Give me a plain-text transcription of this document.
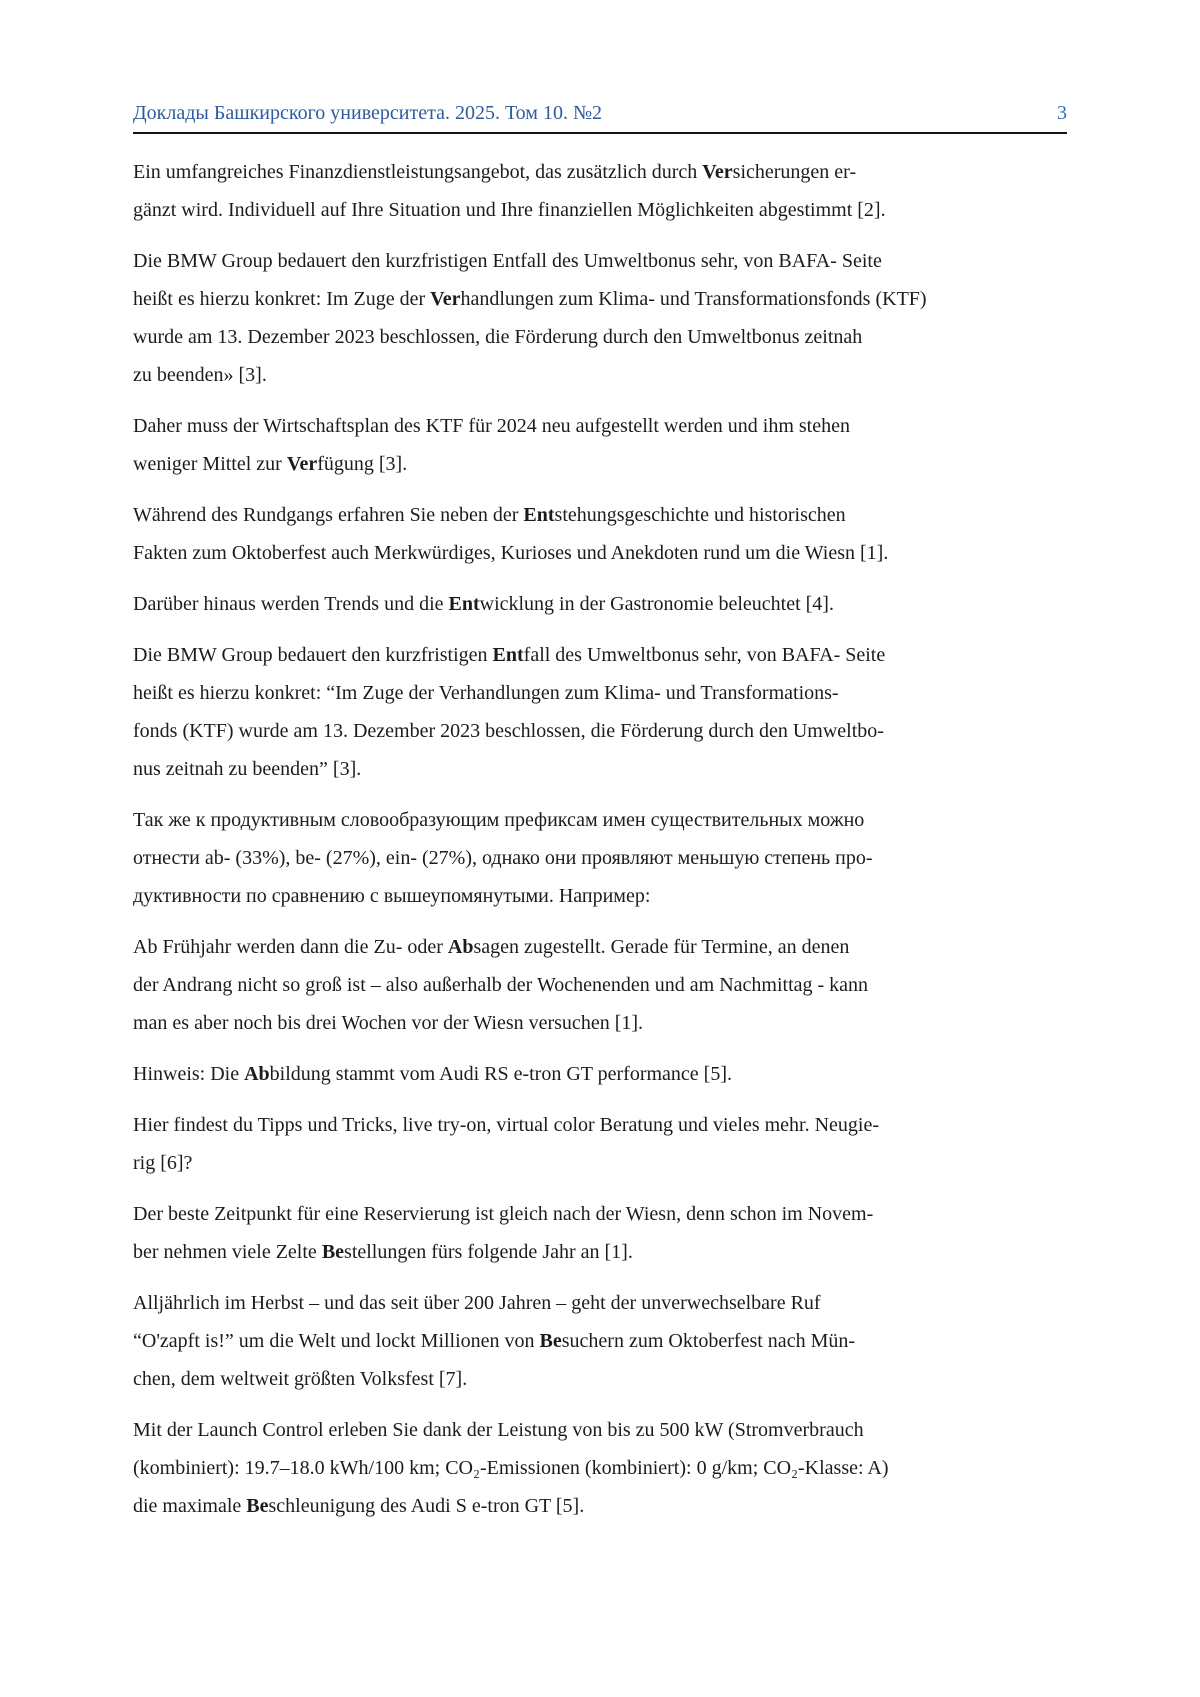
Доклады Башкирского университета. 2025. Том 10. №2	3
Ein umfangreiches Finanzdienstleistungsangebot, das zusätzlich durch Versicherungen er-
gänzt wird. Individuell auf Ihre Situation und Ihre finanziellen Möglichkeiten abgestimmt [2].
Die BMW Group bedauert den kurzfristigen Entfall des Umweltbonus sehr, von BAFA- Seite
heißt es hierzu konkret: Im Zuge der Verhandlungen zum Klima- und Transformationsfonds (KTF)
wurde am 13. Dezember 2023 beschlossen, die Förderung durch den Umweltbonus zeitnah
zu beenden» [3].
Daher muss der Wirtschaftsplan des KTF für 2024 neu aufgestellt werden und ihm stehen
weniger Mittel zur Verfügung [3].
Während des Rundgangs erfahren Sie neben der Entstehungsgeschichte und historischen
Fakten zum Oktoberfest auch Merkwürdiges, Kurioses und Anekdoten rund um die Wiesn [1].
Darüber hinaus werden Trends und die Entwicklung in der Gastronomie beleuchtet [4].
Die BMW Group bedauert den kurzfristigen Entfall des Umweltbonus sehr, von BAFA- Seite
heißt es hierzu konkret: “Im Zuge der Verhandlungen zum Klima- und Transformations-
fonds (KTF) wurde am 13. Dezember 2023 beschlossen, die Förderung durch den Umweltbo-
nus zeitnah zu beenden” [3].
Так же к продуктивным словообразующим префиксам имен существительных можно
отнести ab- (33%), be- (27%), ein- (27%), однако они проявляют меньшую степень про-
дуктивности по сравнению с вышеупомянутыми. Например:
Ab Frühjahr werden dann die Zu- oder Absagen zugestellt. Gerade für Termine, an denen
der Andrang nicht so groß ist – also außerhalb der Wochenenden und am Nachmittag - kann
man es aber noch bis drei Wochen vor der Wiesn versuchen [1].
Hinweis: Die Abbildung stammt vom Audi RS e-tron GT performance [5].
Hier findest du Tipps und Tricks, live try-on, virtual color Beratung und vieles mehr. Neugie-
rig [6]?
Der beste Zeitpunkt für eine Reservierung ist gleich nach der Wiesn, denn schon im Novem-
ber nehmen viele Zelte Bestellungen fürs folgende Jahr an [1].
Alljährlich im Herbst – und das seit über 200 Jahren – geht der unverwechselbare Ruf
“O'zapft is!” um die Welt und lockt Millionen von Besuchern zum Oktoberfest nach Mün-
chen, dem weltweit größten Volksfest [7].
Mit der Launch Control erleben Sie dank der Leistung von bis zu 500 kW (Stromverbrauch
(kombiniert): 19.7–18.0 kWh/100 km; CO₂-Emissionen (kombiniert): 0 g/km; CO₂-Klasse: A)
die maximale Beschleunigung des Audi S e-tron GT [5].
